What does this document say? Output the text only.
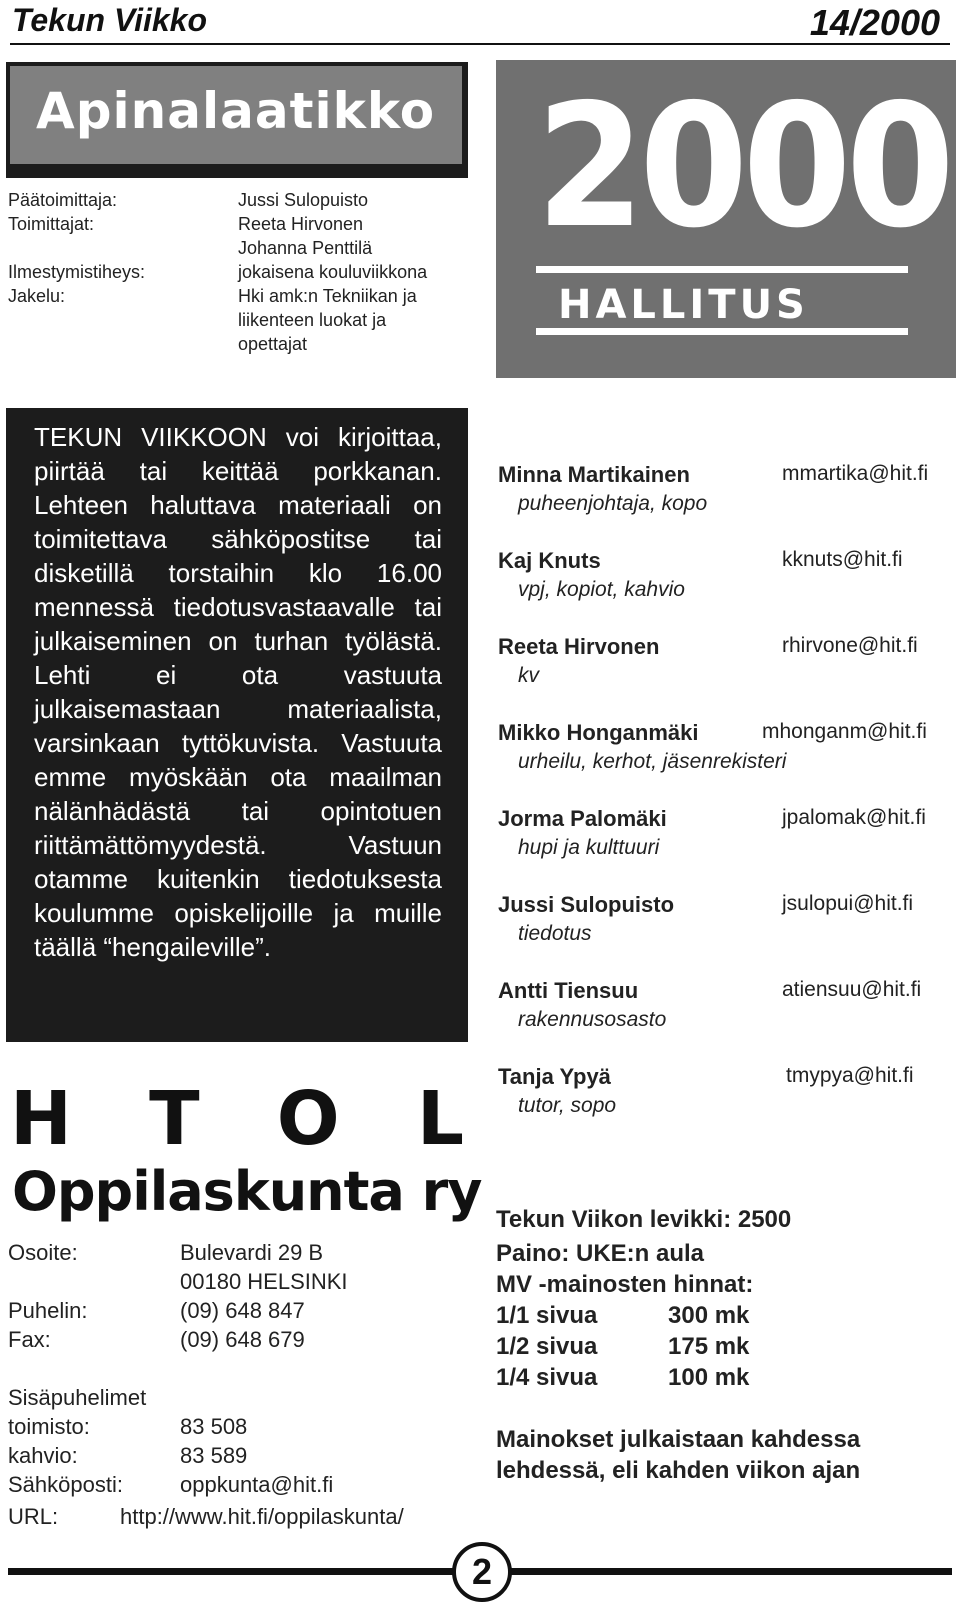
Tekun Viikko	14/2000
Apinalaatikko
Päätoimittaja:	Jussi Sulopuisto
Toimittajat:	Reeta Hirvonen
Johanna Penttilä
Ilmestymistiheys:	jokaisena kouluviikkona
Jakelu:	Hki amk:n Tekniikan ja
liikenteen luokat ja
opettajat
URL:	http://www.hit.fi/oppilaskunta/viikko/
TEKUN VIIKKOON voi kirjoittaa, piirtää tai keittää porkkanan. Lehteen haluttava materiaali on toimitettava sähköpostitse tai disketillä torstaihin klo 16.00 mennessä tiedotusvastaavalle tai julkaiseminen on turhan työlästä. Lehti ei ota vastuuta julkaisemastaan materiaalista, varsinkaan tyttökuvista. Vastuuta emme myöskään ota maailman nälänhädästä tai opintotuen riittämättömyydestä. Vastuun otamme kuitenkin tiedotuksesta koulumme opiskelijoille ja muille täällä “hengaileville”.
2000
HALLITUS
Minna Martikainen	mmartika@hit.fi
puheenjohtaja, kopo
Kaj Knuts	kknuts@hit.fi
vpj, kopiot, kahvio
Reeta Hirvonen	rhirvone@hit.fi
kv
Mikko Honganmäki	mhonganm@hit.fi
urheilu, kerhot, jäsenrekisteri
Jorma Palomäki	jpalomak@hit.fi
hupi ja kulttuuri
Jussi Sulopuisto	jsulopui@hit.fi
tiedotus
Antti Tiensuu	atiensuu@hit.fi
rakennusosasto
Tanja Ypyä	tmypya@hit.fi
tutor, sopo
H T O L
Oppilaskunta ry
Osoite:	Bulevardi 29 B
00180 HELSINKI
Puhelin:	(09) 648 847
Fax:	(09) 648 679
Sisäpuhelimet
toimisto:	83 508
kahvio:	83 589
Sähköposti:	oppkunta@hit.fi
URL:	http://www.hit.fi/oppilaskunta/
Tekun Viikon levikki: 2500
Paino: UKE:n aula
MV -mainosten hinnat:
1/1 sivua	300 mk
1/2 sivua	175 mk
1/4 sivua	100 mk
Mainokset julkaistaan kahdessa
lehdessä, eli kahden viikon ajan
2
